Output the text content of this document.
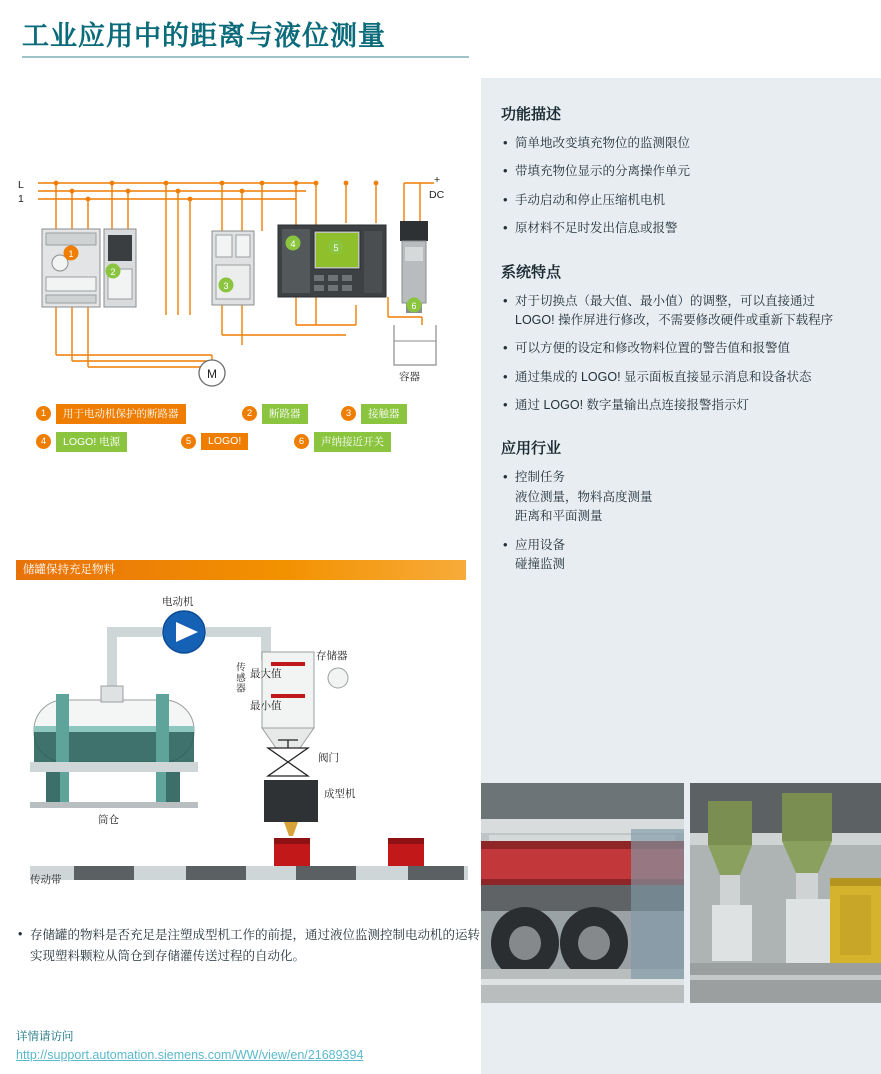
工业应用中的距离与液位测量
功能描述
• 简单地改变填充物位的监测限位
• 带填充物位显示的分离操作单元
• 手动启动和停止压缩机电机
• 原材料不足时发出信息或报警
系统特点
• 对于切换点（最大值、最小值）的调整，可以直接通过 LOGO! 操作屏进行修改，不需要修改硬件或重新下载程序
• 可以方便的设定和修改物料位置的警告值和报警值
• 通过集成的 LOGO! 显示面板直接显示消息和设备状态
• 通过 LOGO! 数字量输出点连接报警指示灯
应用行业
• 控制任务
液位测量，物料高度测量
距离和平面测量
• 应用设备
碰撞监测
M
1
2
3
4	5
6
L
1
+
DC
容器
1	用于电动机保护的断路器	2	断路器	3	接触器
4	LOGO! 电源	5	LOGO!	6	声纳接近开关
储罐保持充足物料
电动机
存储器
最大值
最小值
传感器
阀门
成型机
筒仓
传动带
• 存储罐的物料是否充足是注塑成型机工作的前提，通过液位监测控制电动机的运转实现塑料颗粒从筒仓到存储灌传送过程的自动化。
详情请访问
http://support.automation.siemens.com/WW/view/en/21689394
